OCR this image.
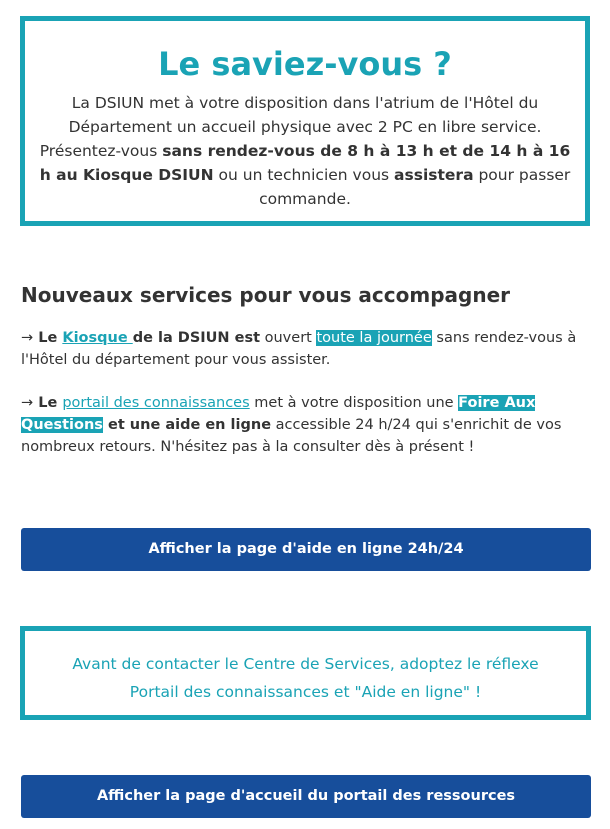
Le saviez-vous ?
La DSIUN met à votre disposition dans l'atrium de l'Hôtel du Département un accueil physique avec 2 PC en libre service. Présentez-vous sans rendez-vous de 8 h à 13 h et de 14 h à 16 h au Kiosque DSIUN ou un technicien vous assistera pour passer commande.
Nouveaux services pour vous accompagner
→ Le Kiosque de la DSIUN est ouvert toute la journée sans rendez-vous à l'Hôtel du département pour vous assister.
→ Le portail des connaissances met à votre disposition une Foire Aux Questions et une aide en ligne accessible 24 h/24 qui s'enrichit de vos nombreux retours. N'hésitez pas à la consulter dès à présent !
Afficher la page d'aide en ligne 24h/24
Avant de contacter le Centre de Services, adoptez le réflexe
Portail des connaissances et "Aide en ligne" !
Afficher la page d'accueil du portail des ressources
